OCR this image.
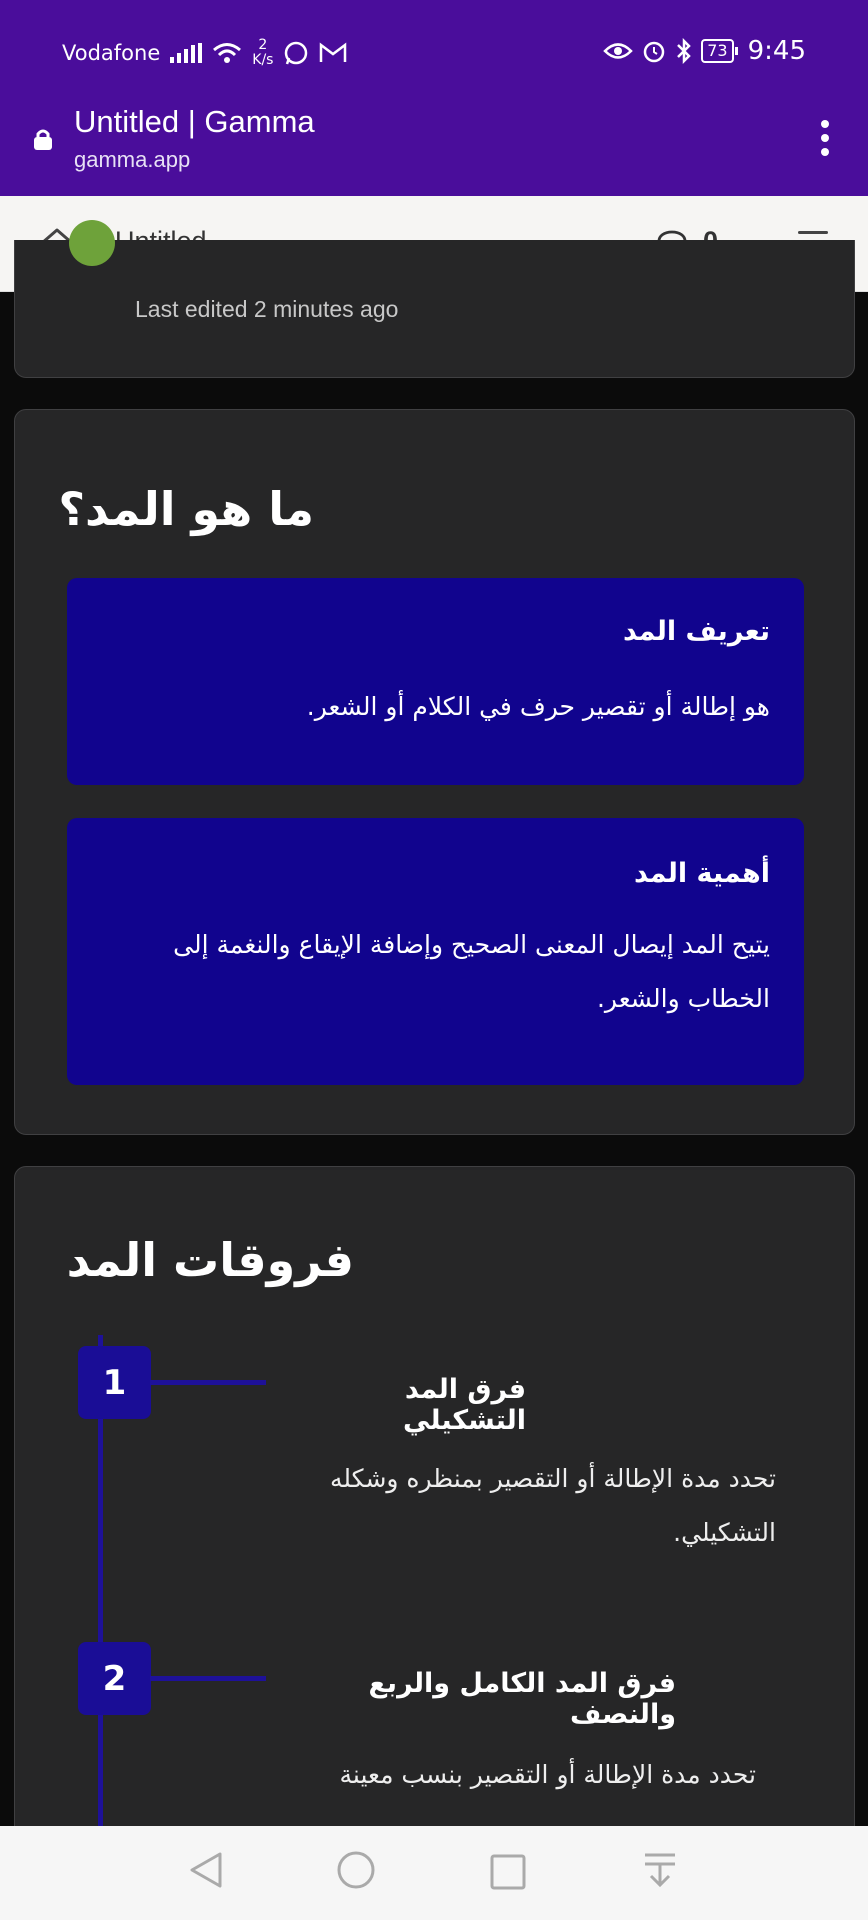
Vodafone	2
K/s	73 9:45
Untitled | Gamma
gamma.app
Last edited 2 minutes ago
ما هو المد؟
تعريف المد
هو إطالة أو تقصير حرف في الكلام أو الشعر.
أهمية المد
يتيح المد إيصال المعنى الصحيح وإضافة الإيقاع والنغمة إلى الخطاب والشعر.
فروقات المد
1	فرق المد التشكيلي
تحدد مدة الإطالة أو التقصير بمنظره وشكله التشكيلي.
2	فرق المد الكامل والربع والنصف
تحدد مدة الإطالة أو التقصير بنسب معينة
